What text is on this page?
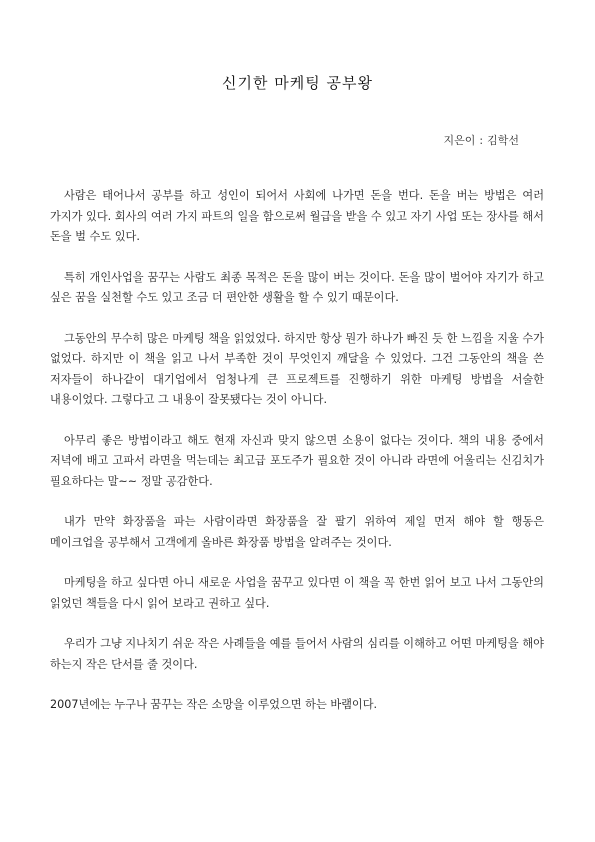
신기한 마케팅 공부왕
지은이 : 김학선

사람은 태어나서 공부를 하고 성인이 되어서 사회에 나가면 돈을 번다. 돈을 버는 방법은 여러 가지가 있다. 회사의 여러 가지 파트의 일을 함으로써 월급을 받을 수 있고 자기 사업 또는 장사를 해서 돈을 벌 수도 있다.

특히 개인사업을 꿈꾸는 사람도 최종 목적은 돈을 많이 버는 것이다. 돈을 많이 벌어야 자기가 하고 싶은 꿈을 실천할 수도 있고 조금 더 편안한 생활을 할 수 있기 때문이다.

그동안의 무수히 많은 마케팅 책을 읽었었다. 하지만 항상 뭔가 하나가 빠진 듯 한 느낌을 지울 수가 없었다. 하지만 이 책을 읽고 나서 부족한 것이 무엇인지 깨달을 수 있었다. 그건 그동안의 책을 쓴 저자들이 하나같이 대기업에서 엄청나게 큰 프로젝트를 진행하기 위한 마케팅 방법을 서술한 내용이었다. 그렇다고 그 내용이 잘못됐다는 것이 아니다.

아무리 좋은 방법이라고 해도 현재 자신과 맞지 않으면 소용이 없다는 것이다. 책의 내용 중에서 저녁에 배고 고파서 라면을 먹는데는 최고급 포도주가 필요한 것이 아니라 라면에 어울리는 신김치가 필요하다는 말~~ 정말 공감한다.

내가 만약 화장품을 파는 사람이라면 화장품을 잘 팔기 위하여 제일 먼저 해야 할 행동은 메이크업을 공부해서 고객에게 올바른 화장품 방법을 알려주는 것이다.

마케팅을 하고 싶다면 아니 새로운 사업을 꿈꾸고 있다면 이 책을 꼭 한번 읽어 보고 나서 그동안의 읽었던 책들을 다시 읽어 보라고 권하고 싶다.

우리가 그냥 지나치기 쉬운 작은 사례들을 예를 들어서 사람의 심리를 이해하고 어떤 마케팅을 해야 하는지 작은 단서를 줄 것이다.

2007년에는 누구나 꿈꾸는 작은 소망을 이루었으면 하는 바램이다.
